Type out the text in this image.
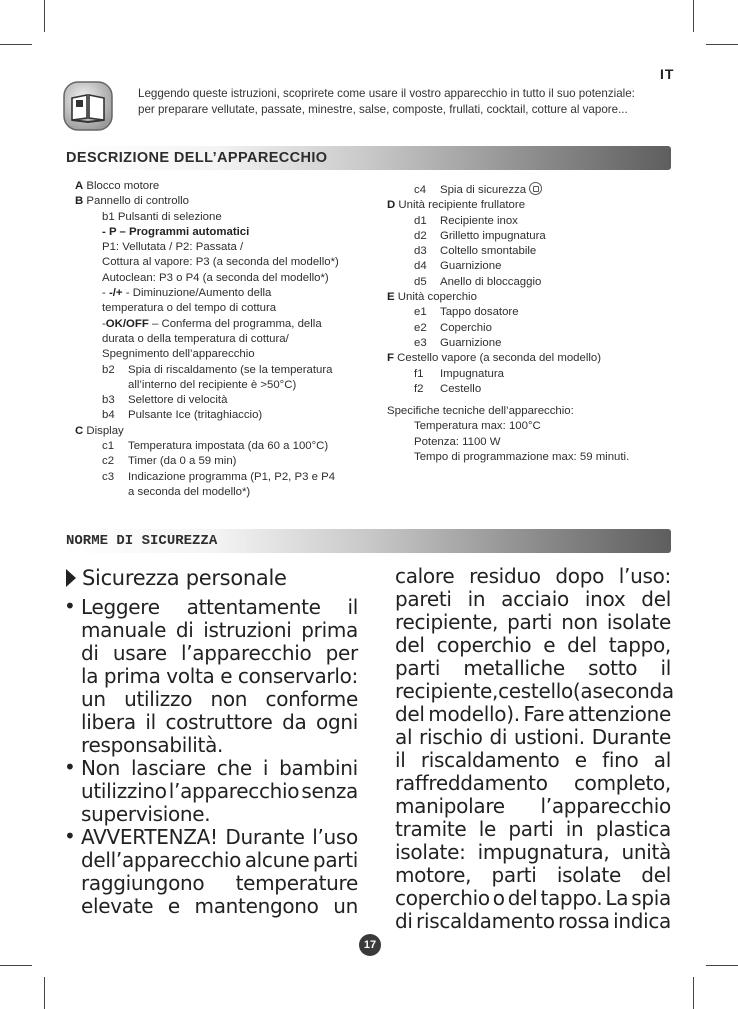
IT
Leggendo queste istruzioni, scoprirete come usare il vostro apparecchio in tutto il suo potenziale:
per preparare vellutate, passate, minestre, salse, composte, frullati, cocktail, cotture al vapore...
DESCRIZIONE DELL’APPARECCHIO
A Blocco motore
B Pannello di controllo
b1 Pulsanti di selezione
- P – Programmi automatici
P1: Vellutata / P2: Passata /
Cottura al vapore: P3 (a seconda del modello*)
Autoclean: P3 o P4 (a seconda del modello*)
- -/+ - Diminuzione/Aumento della
temperatura o del tempo di cottura
-OK/OFF – Conferma del programma, della
durata o della temperatura di cottura/
Spegnimento dell’apparecchio
b2 Spia di riscaldamento (se la temperatura
all’interno del recipiente è >50°C)
b3 Selettore di velocità
b4 Pulsante Ice (tritaghiaccio)
C Display
c1 Temperatura impostata (da 60 a 100°C)
c2 Timer (da 0 a 59 min)
c3 Indicazione programma (P1, P2, P3 e P4
a seconda del modello*)
c4 Spia di sicurezza
D Unità recipiente frullatore
d1 Recipiente inox
d2 Grilletto impugnatura
d3 Coltello smontabile
d4 Guarnizione
d5 Anello di bloccaggio
E Unità coperchio
e1 Tappo dosatore
e2 Coperchio
e3 Guarnizione
F Cestello vapore (a seconda del modello)
f1 Impugnatura
f2 Cestello
Specifiche tecniche dell’apparecchio:
Temperatura max: 100°C
Potenza: 1100 W
Tempo di programmazione max: 59 minuti.
NORME DI SICUREZZA
Sicurezza personale
•
•
•
Leggere attentamente il
manuale di istruzioni prima
di usare l’apparecchio per
la prima volta e conservarlo:
un utilizzo non conforme
libera il costruttore da ogni
responsabilità.
Non lasciare che i bambini
utilizzino l’apparecchio senza
supervisione.
AVVERTENZA! Durante l’uso
dell’apparecchio alcune parti
raggiungono temperature
elevate e mantengono un
calore residuo dopo l’uso:
pareti in acciaio inox del
recipiente, parti non isolate
del coperchio e del tappo,
parti metalliche sotto il
recipiente, cestello (a seconda
del modello). Fare attenzione
al rischio di ustioni. Durante
il riscaldamento e fino al
raffreddamento completo,
manipolare l’apparecchio
tramite le parti in plastica
isolate: impugnatura, unità
motore, parti isolate del
coperchio o del tappo. La spia
di riscaldamento rossa indica
17
